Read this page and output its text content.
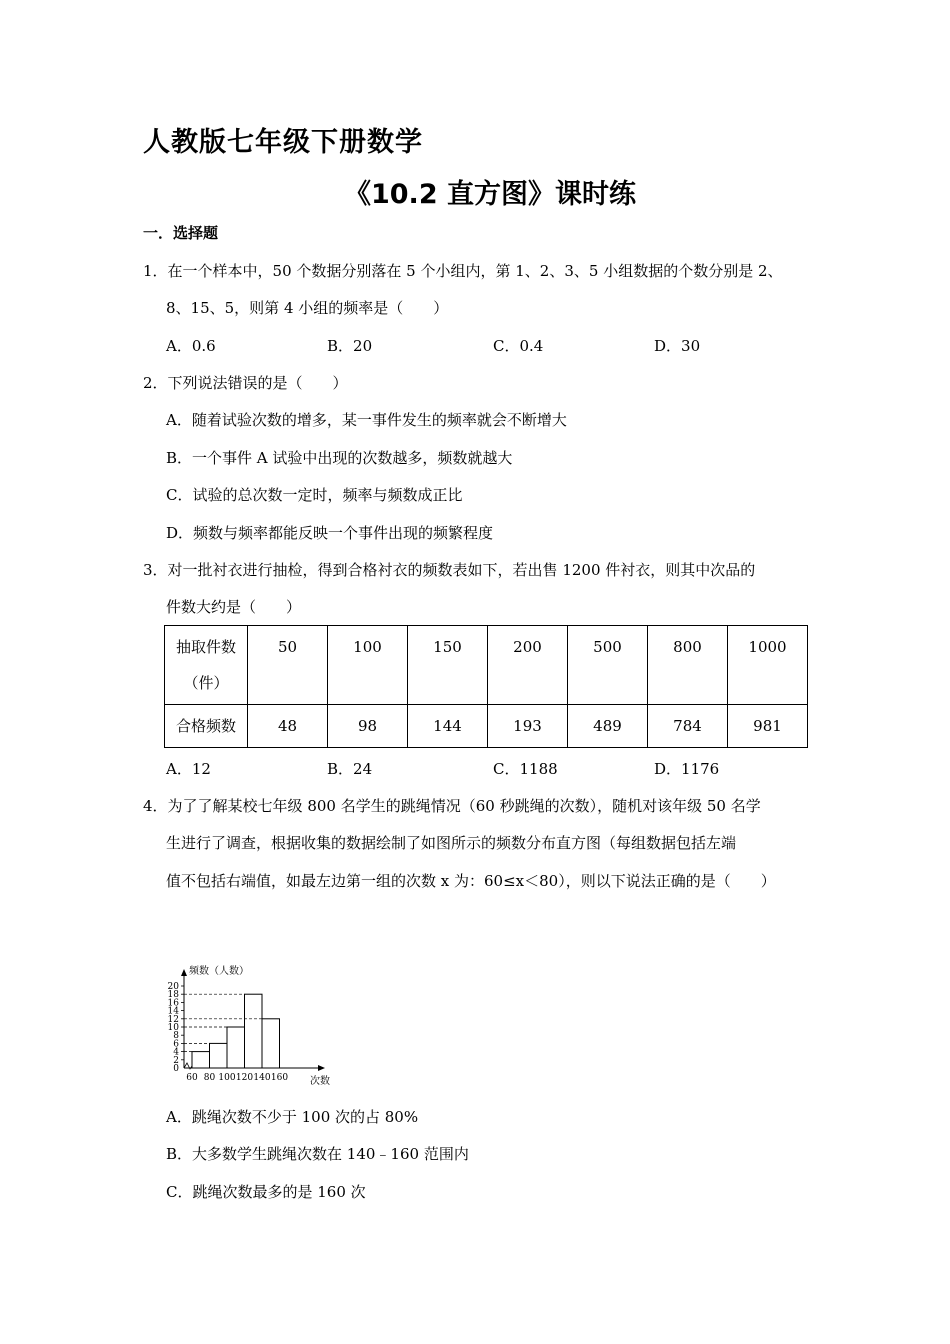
人教版七年级下册数学
《10.2 直方图》课时练
一．选择题
1．在一个样本中，50 个数据分别落在 5 个小组内，第 1、2、3、5 小组数据的个数分别是 2、
8、15、5，则第 4 小组的频率是（　　）
A．0.6	B．20	C．0.4	D．30
2．下列说法错误的是（　　）
A．随着试验次数的增多，某一事件发生的频率就会不断增大
B．一个事件 A 试验中出现的次数越多，频数就越大
C．试验的总次数一定时，频率与频数成正比
D．频数与频率都能反映一个事件出现的频繁程度
3．对一批衬衣进行抽检，得到合格衬衣的频数表如下，若出售 1200 件衬衣，则其中次品的
件数大约是（　　）
抽取件数
（件）	50	100	150	200	500	800	1000
合格频数	48	98	144	193	489	784	981
A．12	B．24	C．1188	D．1176
4．为了了解某校七年级 800 名学生的跳绳情况（60 秒跳绳的次数），随机对该年级 50 名学
生进行了调查，根据收集的数据绘制了如图所示的频数分布直方图（每组数据包括左端
值不包括右端值，如最左边第一组的次数 x 为：60≤x＜80），则以下说法正确的是（　　）
0
2
4
6
8
10
12
14
16
18
20
60 80 100 120 140 160
频数（人数）
次数
A．跳绳次数不少于 100 次的占 80%
B．大多数学生跳绳次数在 140﹣160 范围内
C．跳绳次数最多的是 160 次
